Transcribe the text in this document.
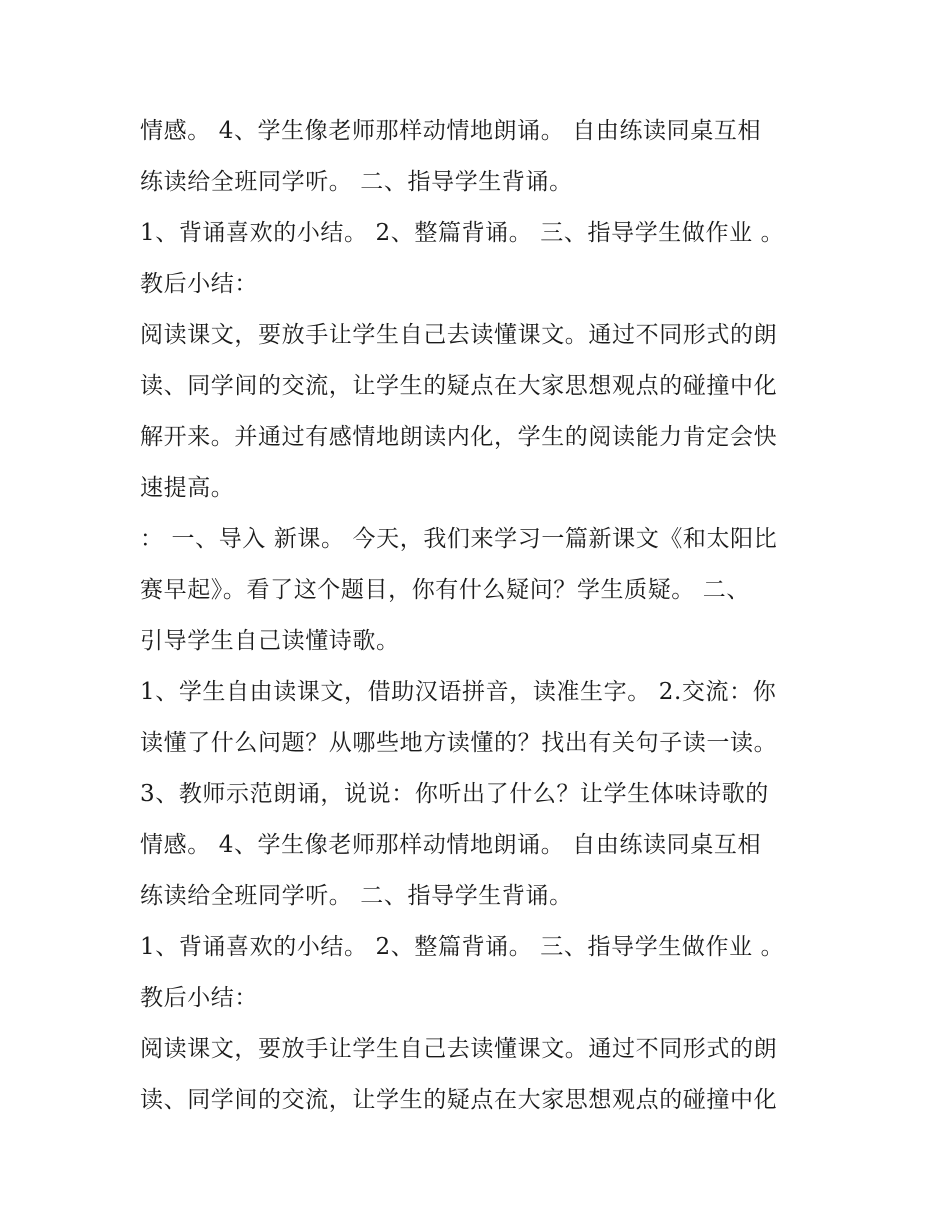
情感。 4、学生像老师那样动情地朗诵。 自由练读同桌互相
练读给全班同学听。 二、指导学生背诵。
1、背诵喜欢的小结。 2、整篇背诵。 三、指导学生做作业 。
教后小结：
阅读课文，要放手让学生自己去读懂课文。通过不同形式的朗
读、同学间的交流，让学生的疑点在大家思想观点的碰撞中化
解开来。并通过有感情地朗读内化，学生的阅读能力肯定会快
速提高。
： 一、导入 新课。 今天，我们来学习一篇新课文《和太阳比
赛早起》。看了这个题目，你有什么疑问？学生质疑。 二、
引导学生自己读懂诗歌。
1、学生自由读课文，借助汉语拼音，读准生字。 2.交流：你
读懂了什么问题？从哪些地方读懂的？找出有关句子读一读。
3、教师示范朗诵，说说：你听出了什么？让学生体味诗歌的
情感。 4、学生像老师那样动情地朗诵。 自由练读同桌互相
练读给全班同学听。 二、指导学生背诵。
1、背诵喜欢的小结。 2、整篇背诵。 三、指导学生做作业 。
教后小结：
阅读课文，要放手让学生自己去读懂课文。通过不同形式的朗
读、同学间的交流，让学生的疑点在大家思想观点的碰撞中化
